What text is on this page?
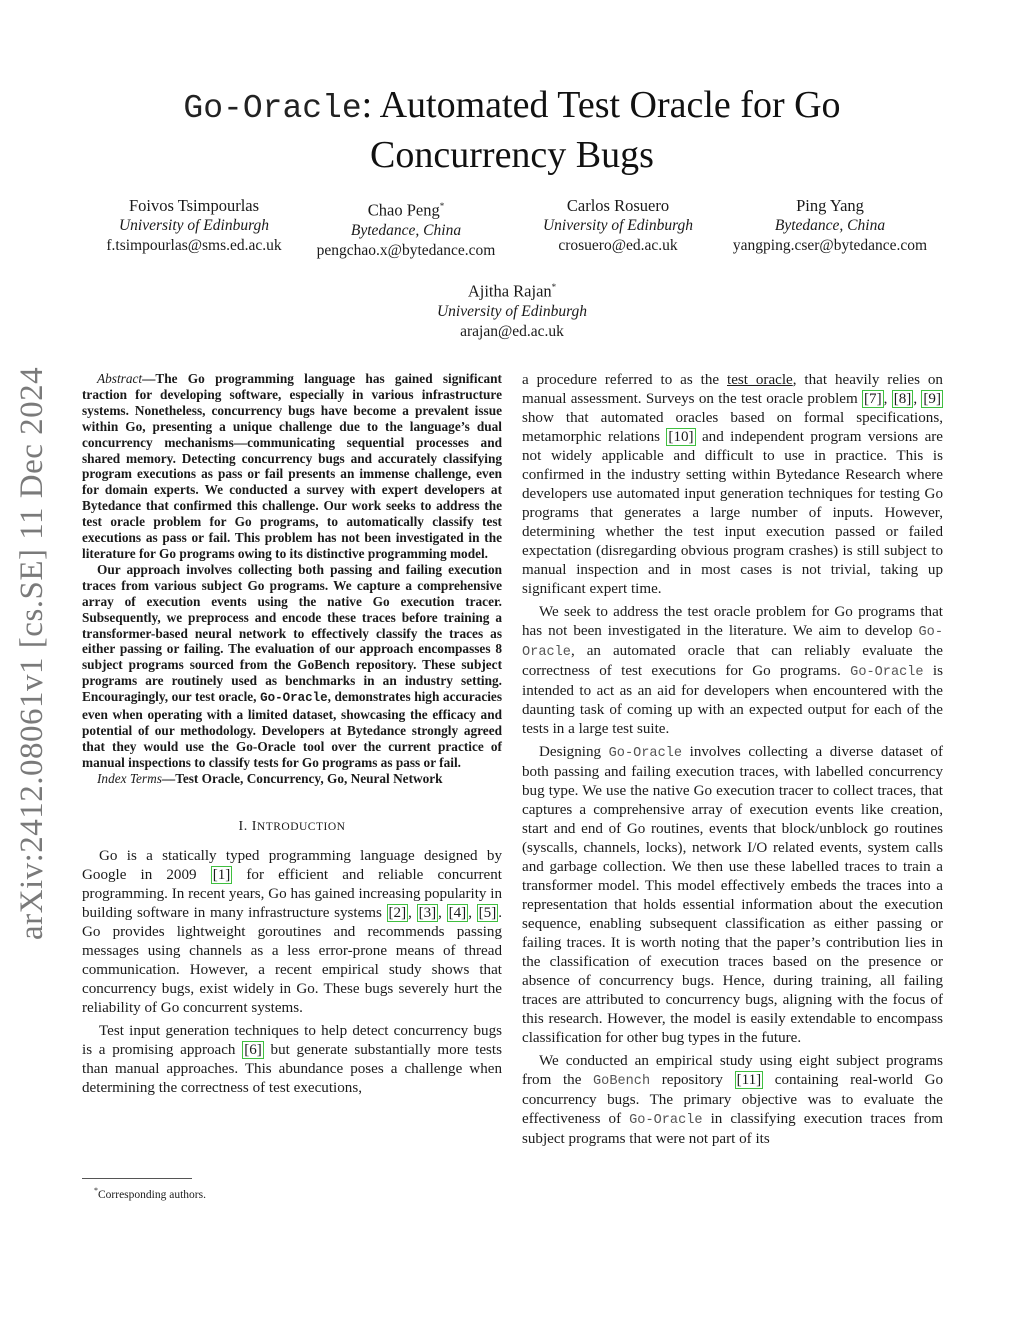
arXiv:2412.08061v1 [cs.SE] 11 Dec 2024
Go-Oracle: Automated Test Oracle for Go
Concurrency Bugs
Foivos Tsimpourlas
University of Edinburgh
f.tsimpourlas@sms.ed.ac.uk
Chao Peng*
Bytedance, China
pengchao.x@bytedance.com
Carlos Rosuero
University of Edinburgh
crosuero@ed.ac.uk
Ping Yang
Bytedance, China
yangping.cser@bytedance.com
Ajitha Rajan*
University of Edinburgh
arajan@ed.ac.uk

Abstract—The Go programming language has gained significant traction for developing software, especially in various infrastructure systems. Nonetheless, concurrency bugs have become a prevalent issue within Go, presenting a unique challenge due to the language’s dual concurrency mechanisms—communicating sequential processes and shared memory. Detecting concurrency bugs and accurately classifying program executions as pass or fail presents an immense challenge, even for domain experts. We conducted a survey with expert developers at Bytedance that confirmed this challenge. Our work seeks to address the test oracle problem for Go programs, to automatically classify test executions as pass or fail. This problem has not been investigated in the literature for Go programs owing to its distinctive programming model.

Our approach involves collecting both passing and failing execution traces from various subject Go programs. We capture a comprehensive array of execution events using the native Go execution tracer. Subsequently, we preprocess and encode these traces before training a transformer-based neural network to effectively classify the traces as either passing or failing. The evaluation of our approach encompasses 8 subject programs sourced from the GoBench repository. These subject programs are routinely used as benchmarks in an industry setting. Encouragingly, our test oracle, Go-Oracle, demonstrates high accuracies even when operating with a limited dataset, showcasing the efficacy and potential of our methodology. Developers at Bytedance strongly agreed that they would use the Go-Oracle tool over the current practice of manual inspections to classify tests for Go programs as pass or fail.

Index Terms—Test Oracle, Concurrency, Go, Neural Network

I. INTRODUCTION

Go is a statically typed programming language designed by Google in 2009 [1] for efficient and reliable concurrent programming. In recent years, Go has gained increasing popularity in building software in many infrastructure systems [2] , [3] , [4] , [5] . Go provides lightweight goroutines and recommends passing messages using channels as a less error-prone means of thread communication. However, a recent empirical study shows that concurrency bugs, exist widely in Go. These bugs severely hurt the reliability of Go concurrent systems.

Test input generation techniques to help detect concurrency bugs is a promising approach [6] but generate substantially more tests than manual approaches. This abundance poses a challenge when determining the correctness of test executions,

a procedure referred to as the test oracle, that heavily relies on manual assessment. Surveys on the test oracle problem [7] , [8] , [9] show that automated oracles based on formal specifications, metamorphic relations [10] and independent program versions are not widely applicable and difficult to use in practice. This is confirmed in the industry setting within Bytedance Research where developers use automated input generation techniques for testing Go programs that generates a large number of inputs. However, determining whether the test input execution passed or failed expectation (disregarding obvious program crashes) is still subject to manual inspection and in most cases is not trivial, taking up significant expert time.

We seek to address the test oracle problem for Go programs that has not been investigated in the literature. We aim to develop Go-Oracle, an automated oracle that can reliably evaluate the correctness of test executions for Go programs. Go-Oracle is intended to act as an aid for developers when encountered with the daunting task of coming up with an expected output for each of the tests in a large test suite.

Designing Go-Oracle involves collecting a diverse dataset of both passing and failing execution traces, with labelled concurrency bug type. We use the native Go execution tracer to collect traces, that captures a comprehensive array of execution events like creation, start and end of Go routines, events that block/unblock go routines (syscalls, channels, locks), network I/O related events, system calls and garbage collection. We then use these labelled traces to train a transformer model. This model effectively embeds the traces into a representation that holds essential information about the execution sequence, enabling subsequent classification as either passing or failing traces. It is worth noting that the paper’s contribution lies in the classification of execution traces based on the presence or absence of concurrency bugs. Hence, during training, all failing traces are attributed to concurrency bugs, aligning with the focus of this research. However, the model is easily extendable to encompass classification for other bug types in the future.

We conducted an empirical study using eight subject programs from the GoBench repository [11] containing real-world Go concurrency bugs. The primary objective was to evaluate the effectiveness of Go-Oracle in classifying execution traces from subject programs that were not part of its

*Corresponding authors.
